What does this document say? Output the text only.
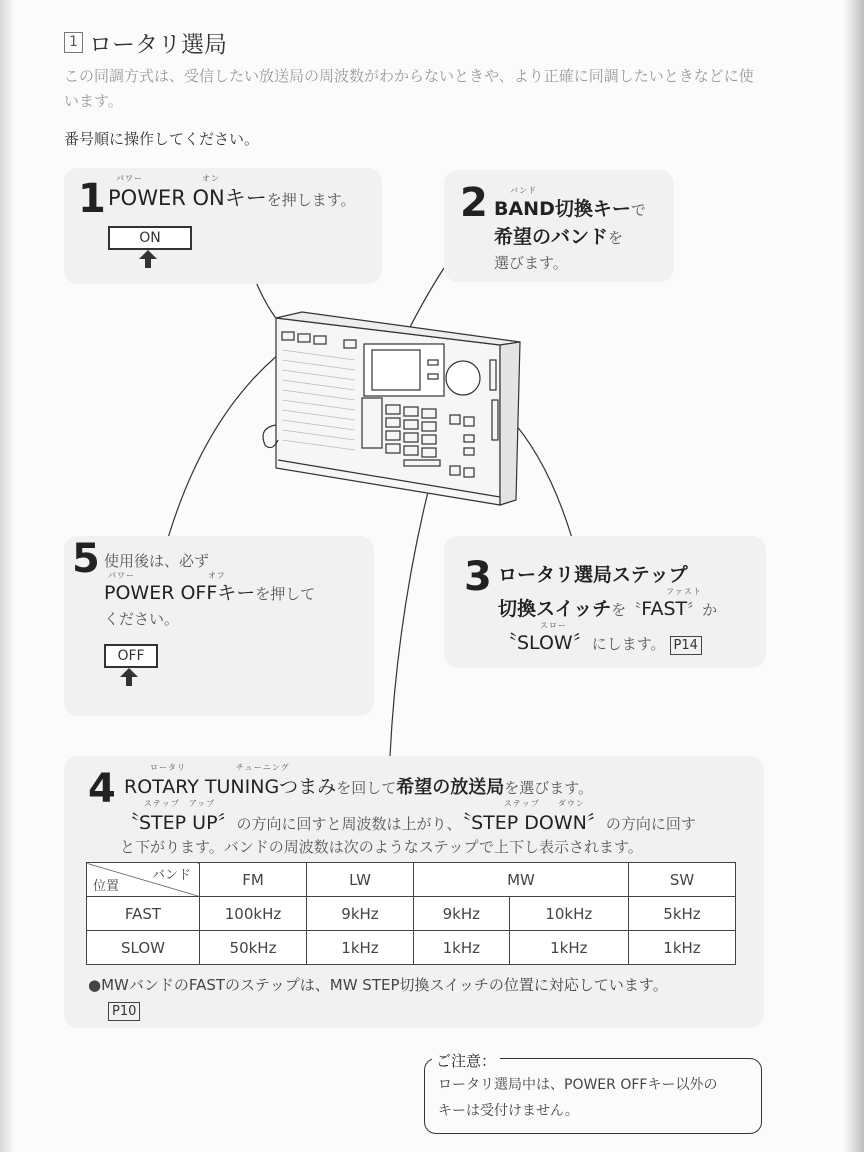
1 ロータリ選局
この同調方式は、受信したい放送局の周波数がわからないときや、より正確に同調したいときなどに使います。
番号順に操作してください。
1 パワー	オン
POWER ONキーを押します。
ON
2	バンド
BAND切換キーで
希望のバンドを
選びます。
5 使用後は、必ず
パワー	オフ
POWER OFFキーを押して
ください。
OFF
3 ロータリ選局ステップ
ファスト
切換スイッチを〝FAST〞か
スロー
〝SLOW〞にします。 P14
4	ロータリ	チューニング
ROTARY TUNINGつまみを回して希望の放送局を選びます。
ステップ　アップ	ステップ　　ダウン
〝STEP UP〞の方向に回すと周波数は上がり、〝STEP DOWN〞の方向に回す
と下がります。バンドの周波数は次のようなステップで上下し表示されます。
バンド
位置	FM	LW	MW		SW
FAST	100kHz	9kHz	9kHz	10kHz	5kHz
SLOW	50kHz	1kHz	1kHz	1kHz	1kHz
●MWバンドのFASTのステップは、MW STEP切換スイッチの位置に対応しています。
P10
ご注意：
ロータリ選局中は、POWER OFFキー以外の
キーは受付けません。
